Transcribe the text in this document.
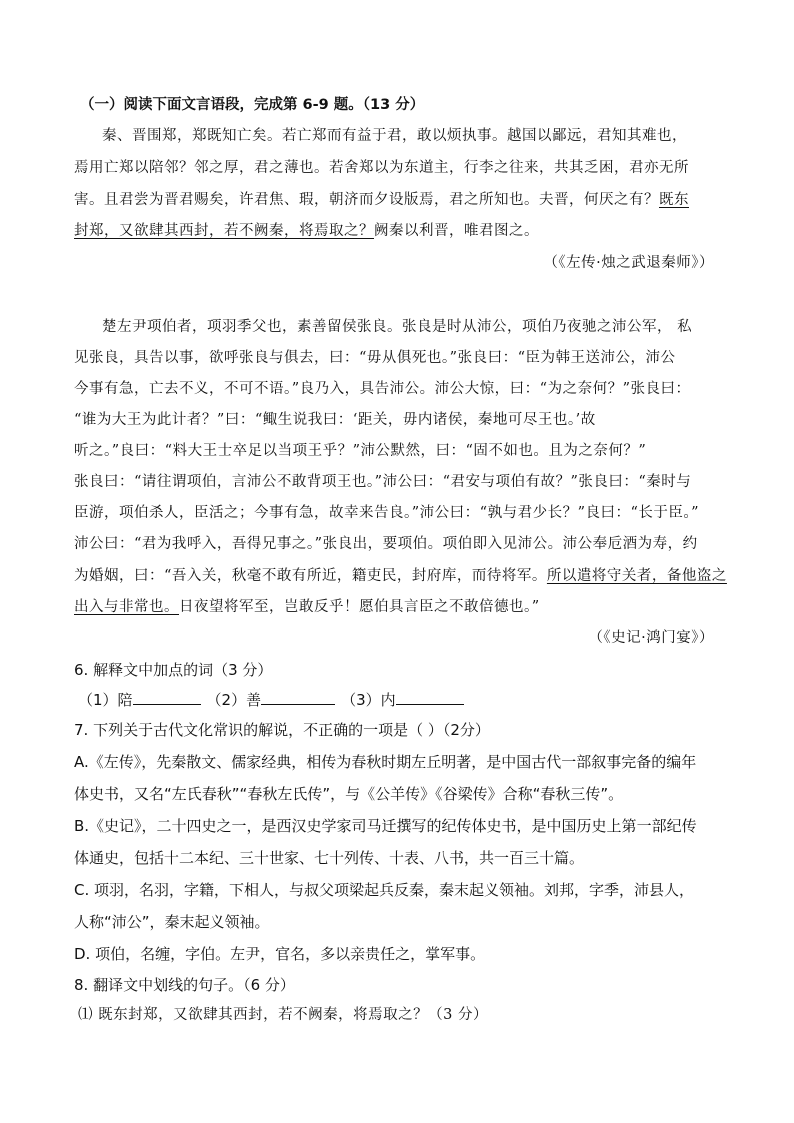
（一）阅读下面文言语段，完成第 6-9 题。（13 分）
秦、晋围郑，郑既知亡矣。若亡郑而有益于君，敢以烦执事。越国以鄙远，君知其难也，
焉用亡郑以陪邻？邻之厚，君之薄也。若舍郑以为东道主，行李之往来，共其乏困，君亦无所
害。且君尝为晋君赐矣，许君焦、瑕，朝济而夕设版焉，君之所知也。夫晋，何厌之有？既东
封郑，又欲肆其西封，若不阙秦，将焉取之？阙秦以利晋，唯君图之。
（《左传·烛之武退秦师》）
楚左尹项伯者，项羽季父也，素善留侯张良。张良是时从沛公，项伯乃夜驰之沛公军， 私
见张良，具告以事，欲呼张良与俱去，曰：“毋从俱死也。”张良曰：“臣为韩王送沛公，沛公
今事有急，亡去不义，不可不语。”良乃入，具告沛公。沛公大惊，曰：“为之奈何？”张良曰：
“谁为大王为此计者？”曰：“鲰生说我曰：‘距关，毋内诸侯，秦地可尽王也。’故
听之。”良曰：“料大王士卒足以当项王乎？”沛公默然，曰：“固不如也。且为之奈何？”
张良曰：“请往谓项伯，言沛公不敢背项王也。”沛公曰：“君安与项伯有故？”张良曰：“秦时与
臣游，项伯杀人，臣活之；今事有急，故幸来告良。”沛公曰：“孰与君少长？”良曰：“长于臣。”
沛公曰：“君为我呼入，吾得兄事之。”张良出，要项伯。项伯即入见沛公。沛公奉卮酒为寿，约
为婚姻，曰：“吾入关，秋毫不敢有所近，籍吏民，封府库，而待将军。所以遣将守关者，备他盗之
出入与非常也。日夜望将军至，岂敢反乎！愿伯具言臣之不敢倍德也。”
（《史记·鸿门宴》）
6. 解释文中加点的词（3 分）
（1）陪	（2）善	（3）内
7. 下列关于古代文化常识的解说，不正确的一项是（ ）（2分）
A.《左传》，先秦散文、儒家经典，相传为春秋时期左丘明著，是中国古代一部叙事完备的编年
体史书，又名“左氏春秋”“春秋左氏传”，与《公羊传》《谷梁传》合称“春秋三传”。
B.《史记》，二十四史之一，是西汉史学家司马迁撰写的纪传体史书，是中国历史上第一部纪传
体通史，包括十二本纪、三十世家、七十列传、十表、八书，共一百三十篇。
C. 项羽，名羽，字籍，下相人，与叔父项梁起兵反秦，秦末起义领袖。刘邦，字季，沛县人，
人称“沛公”，秦末起义领袖。
D. 项伯，名缠，字伯。左尹，官名，多以亲贵任之，掌军事。
8. 翻译文中划线的句子。（6 分）
⑴ 既东封郑，又欲肆其西封，若不阙秦，将焉取之？（3 分）
